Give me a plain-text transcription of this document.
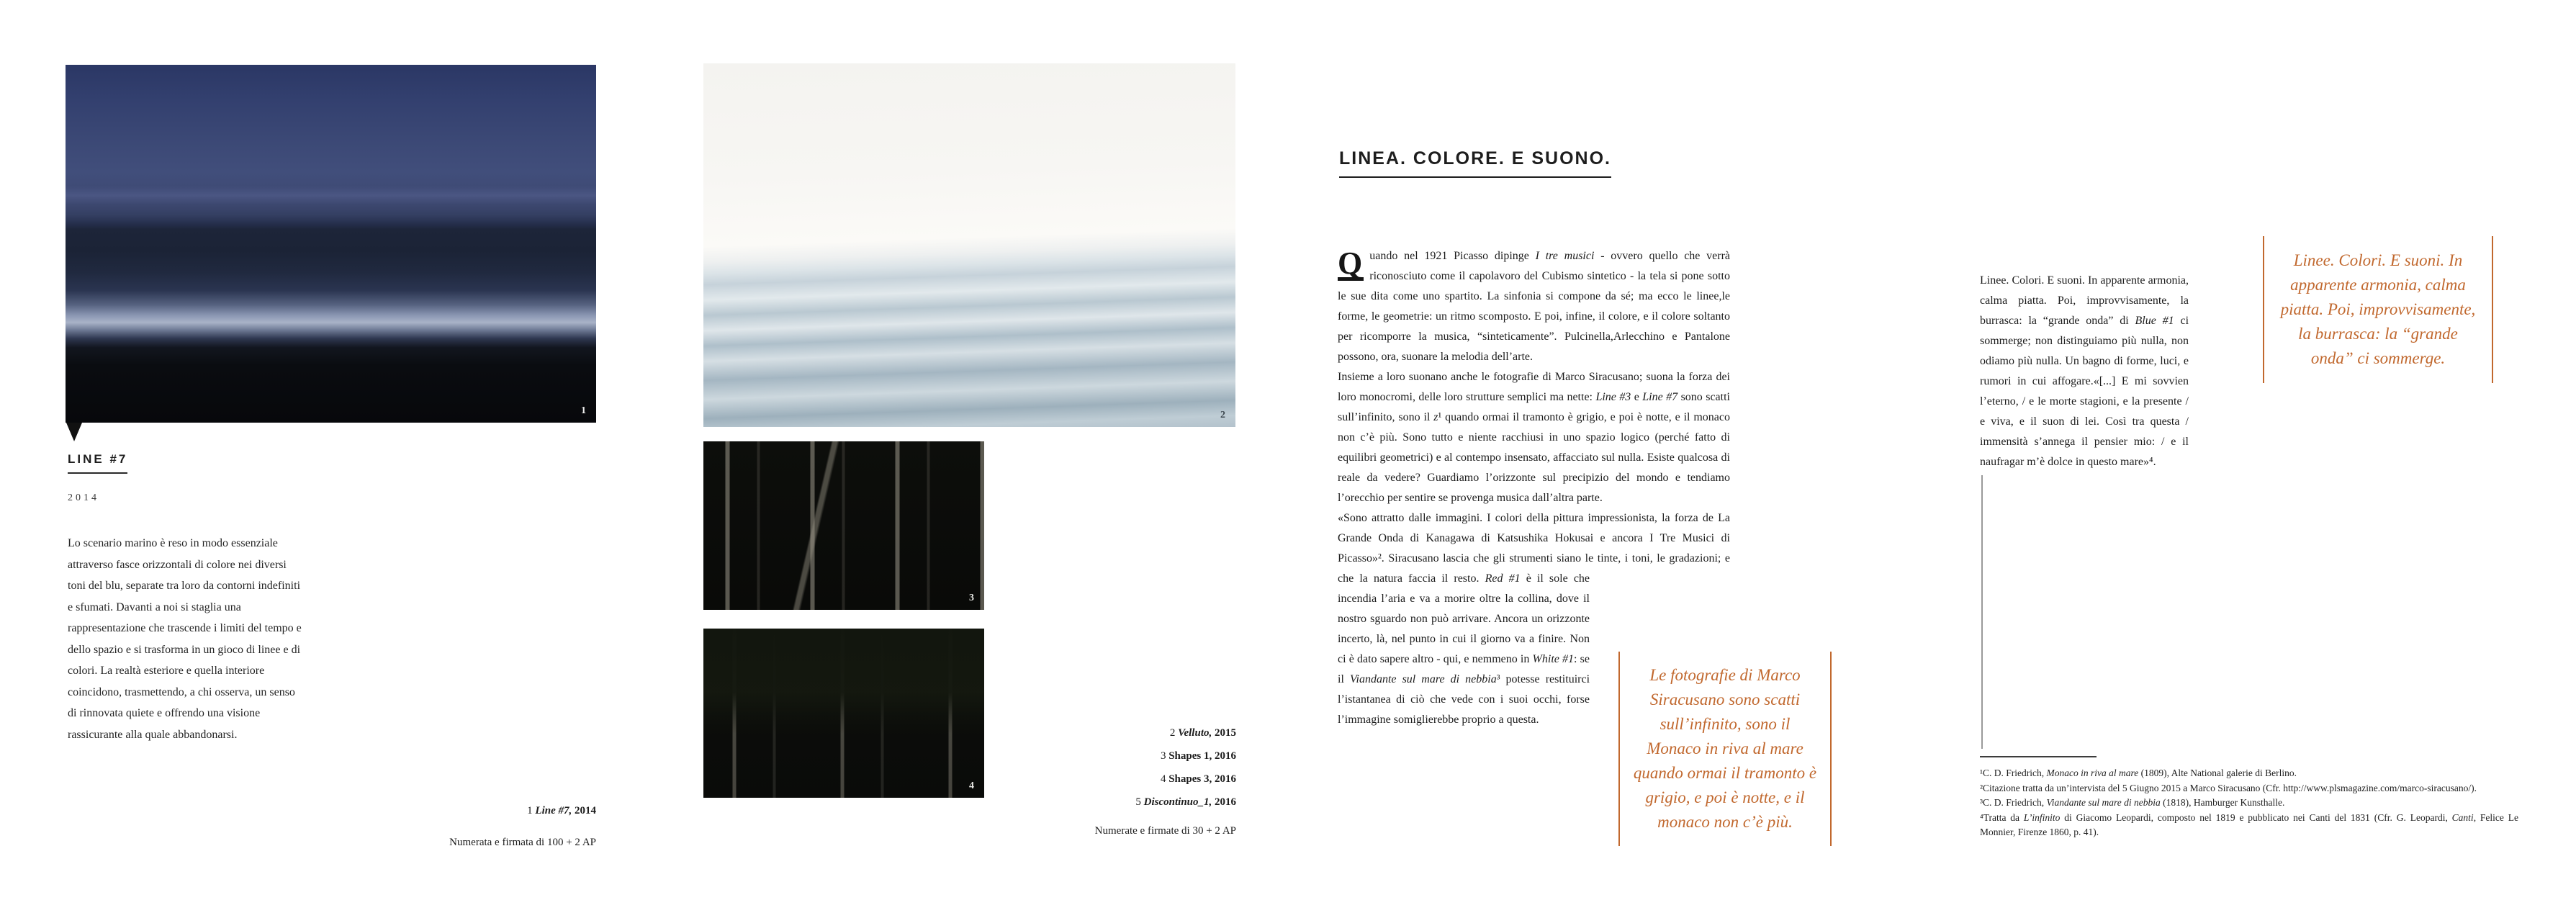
1
LINE #7
2014
Lo scenario marino è reso in modo essenziale attraverso fasce orizzontali di colore nei diversi toni del blu, separate tra loro da contorni indefiniti e sfumati. Davanti a noi si staglia una rappresentazione che trascende i limiti del tempo e dello spazio e si trasforma in un gioco di linee e di colori. La realtà esteriore e quella interiore coincidono, trasmettendo, a chi osserva, un senso di rinnovata quiete e offrendo una visione rassicurante alla quale abbandonarsi.
1 Line #7, 2014
Numerata e firmata di 100 + 2 AP
2
3
4
2 Velluto, 2015
3 Shapes 1, 2016
4 Shapes 3, 2016
5 Discontinuo_1, 2016
Numerate e firmate di 30 + 2 AP
LINEA. COLORE. E SUONO.

Q uando nel 1921 Picasso dipinge I tre musici - ovvero quello che verrà riconosciuto come il capolavoro del Cubismo sintetico - la tela si pone sotto le sue dita come uno spartito. La sinfonia si compone da sé; ma ecco le linee,le forme, le geometrie: un ritmo scomposto. E poi, infine, il colore, e il colore soltanto per ricomporre la musica, “sinteticamente”. Pulcinella,Arlecchino e Pantalone possono, ora, suonare la melodia dell’arte.

Insieme a loro suonano anche le fotografie di Marco Siracusano; suona la forza dei loro monocromi, delle loro strutture semplici ma nette: Line #3 e Line #7 sono scatti sull’infinito, sono il z¹ quando ormai il tramonto è grigio, e poi è notte, e il monaco non c’è più. Sono tutto e niente racchiusi in uno spazio logico (perché fatto di equilibri geometrici) e al contempo insensato, affacciato sul nulla. Esiste qualcosa di reale da vedere? Guardiamo l’orizzonte sul precipizio del mondo e tendiamo l’orecchio per sentire se provenga musica dall’altra parte.

«Sono attratto dalle immagini. I colori della pittura impressionista, la forza de La Grande Onda di Kanagawa di Katsushika Hokusai e ancora I Tre Musici di Picasso»². Siracusano lascia che gli strumenti siano le tinte,
i toni, le gradazioni; e che la natura faccia il resto. Red #1 è il sole che incendia l’aria e va a morire oltre la collina, dove il nostro sguardo non può arrivare. Ancora un orizzonte incerto, là, nel punto in cui il giorno va a finire. Non ci è dato sapere altro - qui, e nemmeno in White #1: se il Viandante sul mare di nebbia³ potesse restituirci l’istantanea di ciò che vede con i suoi occhi, forse l’immagine somiglierebbe proprio a questa.

Le fotografie di Marco Siracusano sono scatti sull’infinito, sono il Monaco in riva al mare quando ormai il tramonto è grigio, e poi è notte, e il monaco non c’è più.

Linee. Colori. E suoni. In apparente armonia, calma piatta. Poi, improvvisamente, la burrasca: la “grande onda” di Blue #1 ci sommerge; non distinguiamo più nulla, non odiamo più nulla. Un bagno di forme, luci, e rumori in cui affogare.«[...] E mi sovvien l’eterno, / e le morte stagioni, e la presente / e viva, e il suon di lei. Così tra questa / immensità s’annega il pensier mio: / e il naufragar m’è dolce in questo mare»⁴.

Linee. Colori. E suoni. In apparente armonia, calma piatta. Poi, improvvisamente, la burrasca: la “grande onda” ci sommerge.

¹C. D. Friedrich, Monaco in riva al mare (1809), Alte National galerie di Berlino.

²Citazione tratta da un’intervista del 5 Giugno 2015 a Marco Siracusano (Cfr. http://www.plsmagazine.com/marco-siracusano/).

³C. D. Friedrich, Viandante sul mare di nebbia (1818), Hamburger Kunsthalle.

⁴Tratta da L’infinito di Giacomo Leopardi, composto nel 1819 e pubblicato nei Canti del 1831 (Cfr. G. Leopardi, Canti, Felice Le Monnier, Firenze 1860, p. 41).
